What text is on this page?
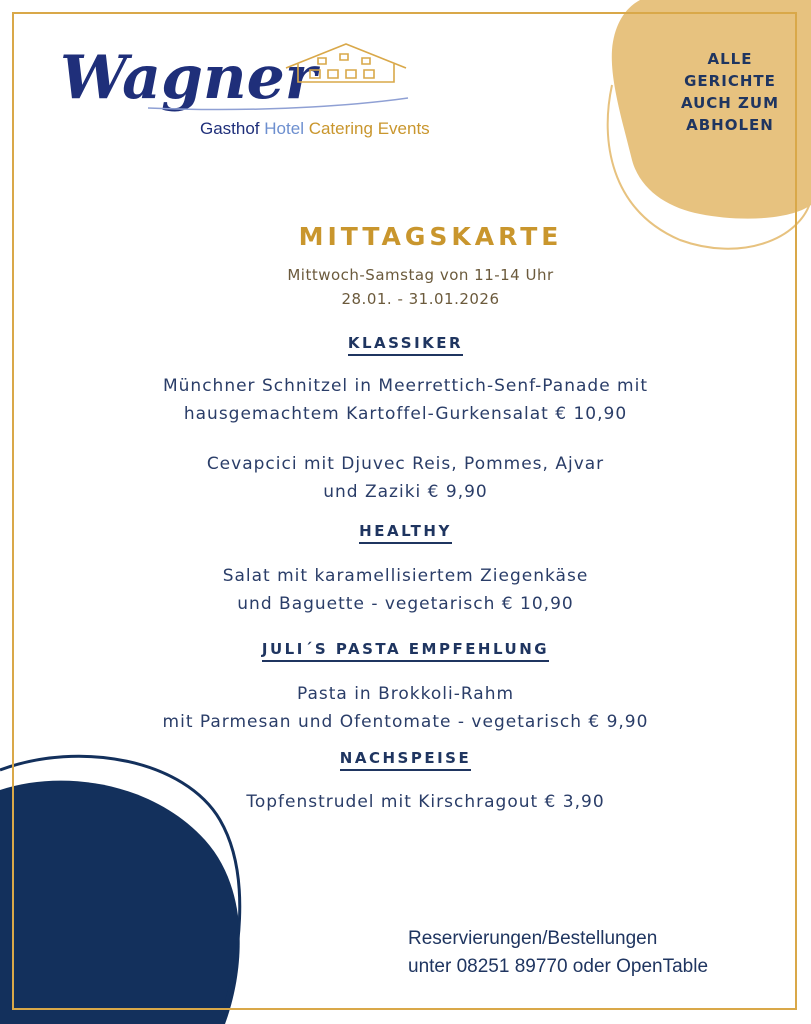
Wagner
Gasthof Hotel Catering Events
ALLE
GERICHTE
AUCH ZUM
ABHOLEN
MITTAGSKARTE
Mittwoch-Samstag von 11-14 Uhr
28.01. - 31.01.2026
KLASSIKER
Münchner Schnitzel in Meerrettich-Senf-Panade mit
hausgemachtem Kartoffel-Gurkensalat € 10,90
Cevapcici mit Djuvec Reis, Pommes, Ajvar
und Zaziki € 9,90
HEALTHY
Salat mit karamellisiertem Ziegenkäse
und Baguette - vegetarisch € 10,90
JULI´S PASTA EMPFEHLUNG
Pasta in Brokkoli-Rahm
mit Parmesan und Ofentomate - vegetarisch € 9,90
NACHSPEISE
Topfenstrudel mit Kirschragout € 3,90
Reservierungen/Bestellungen
unter 08251 89770 oder OpenTable
